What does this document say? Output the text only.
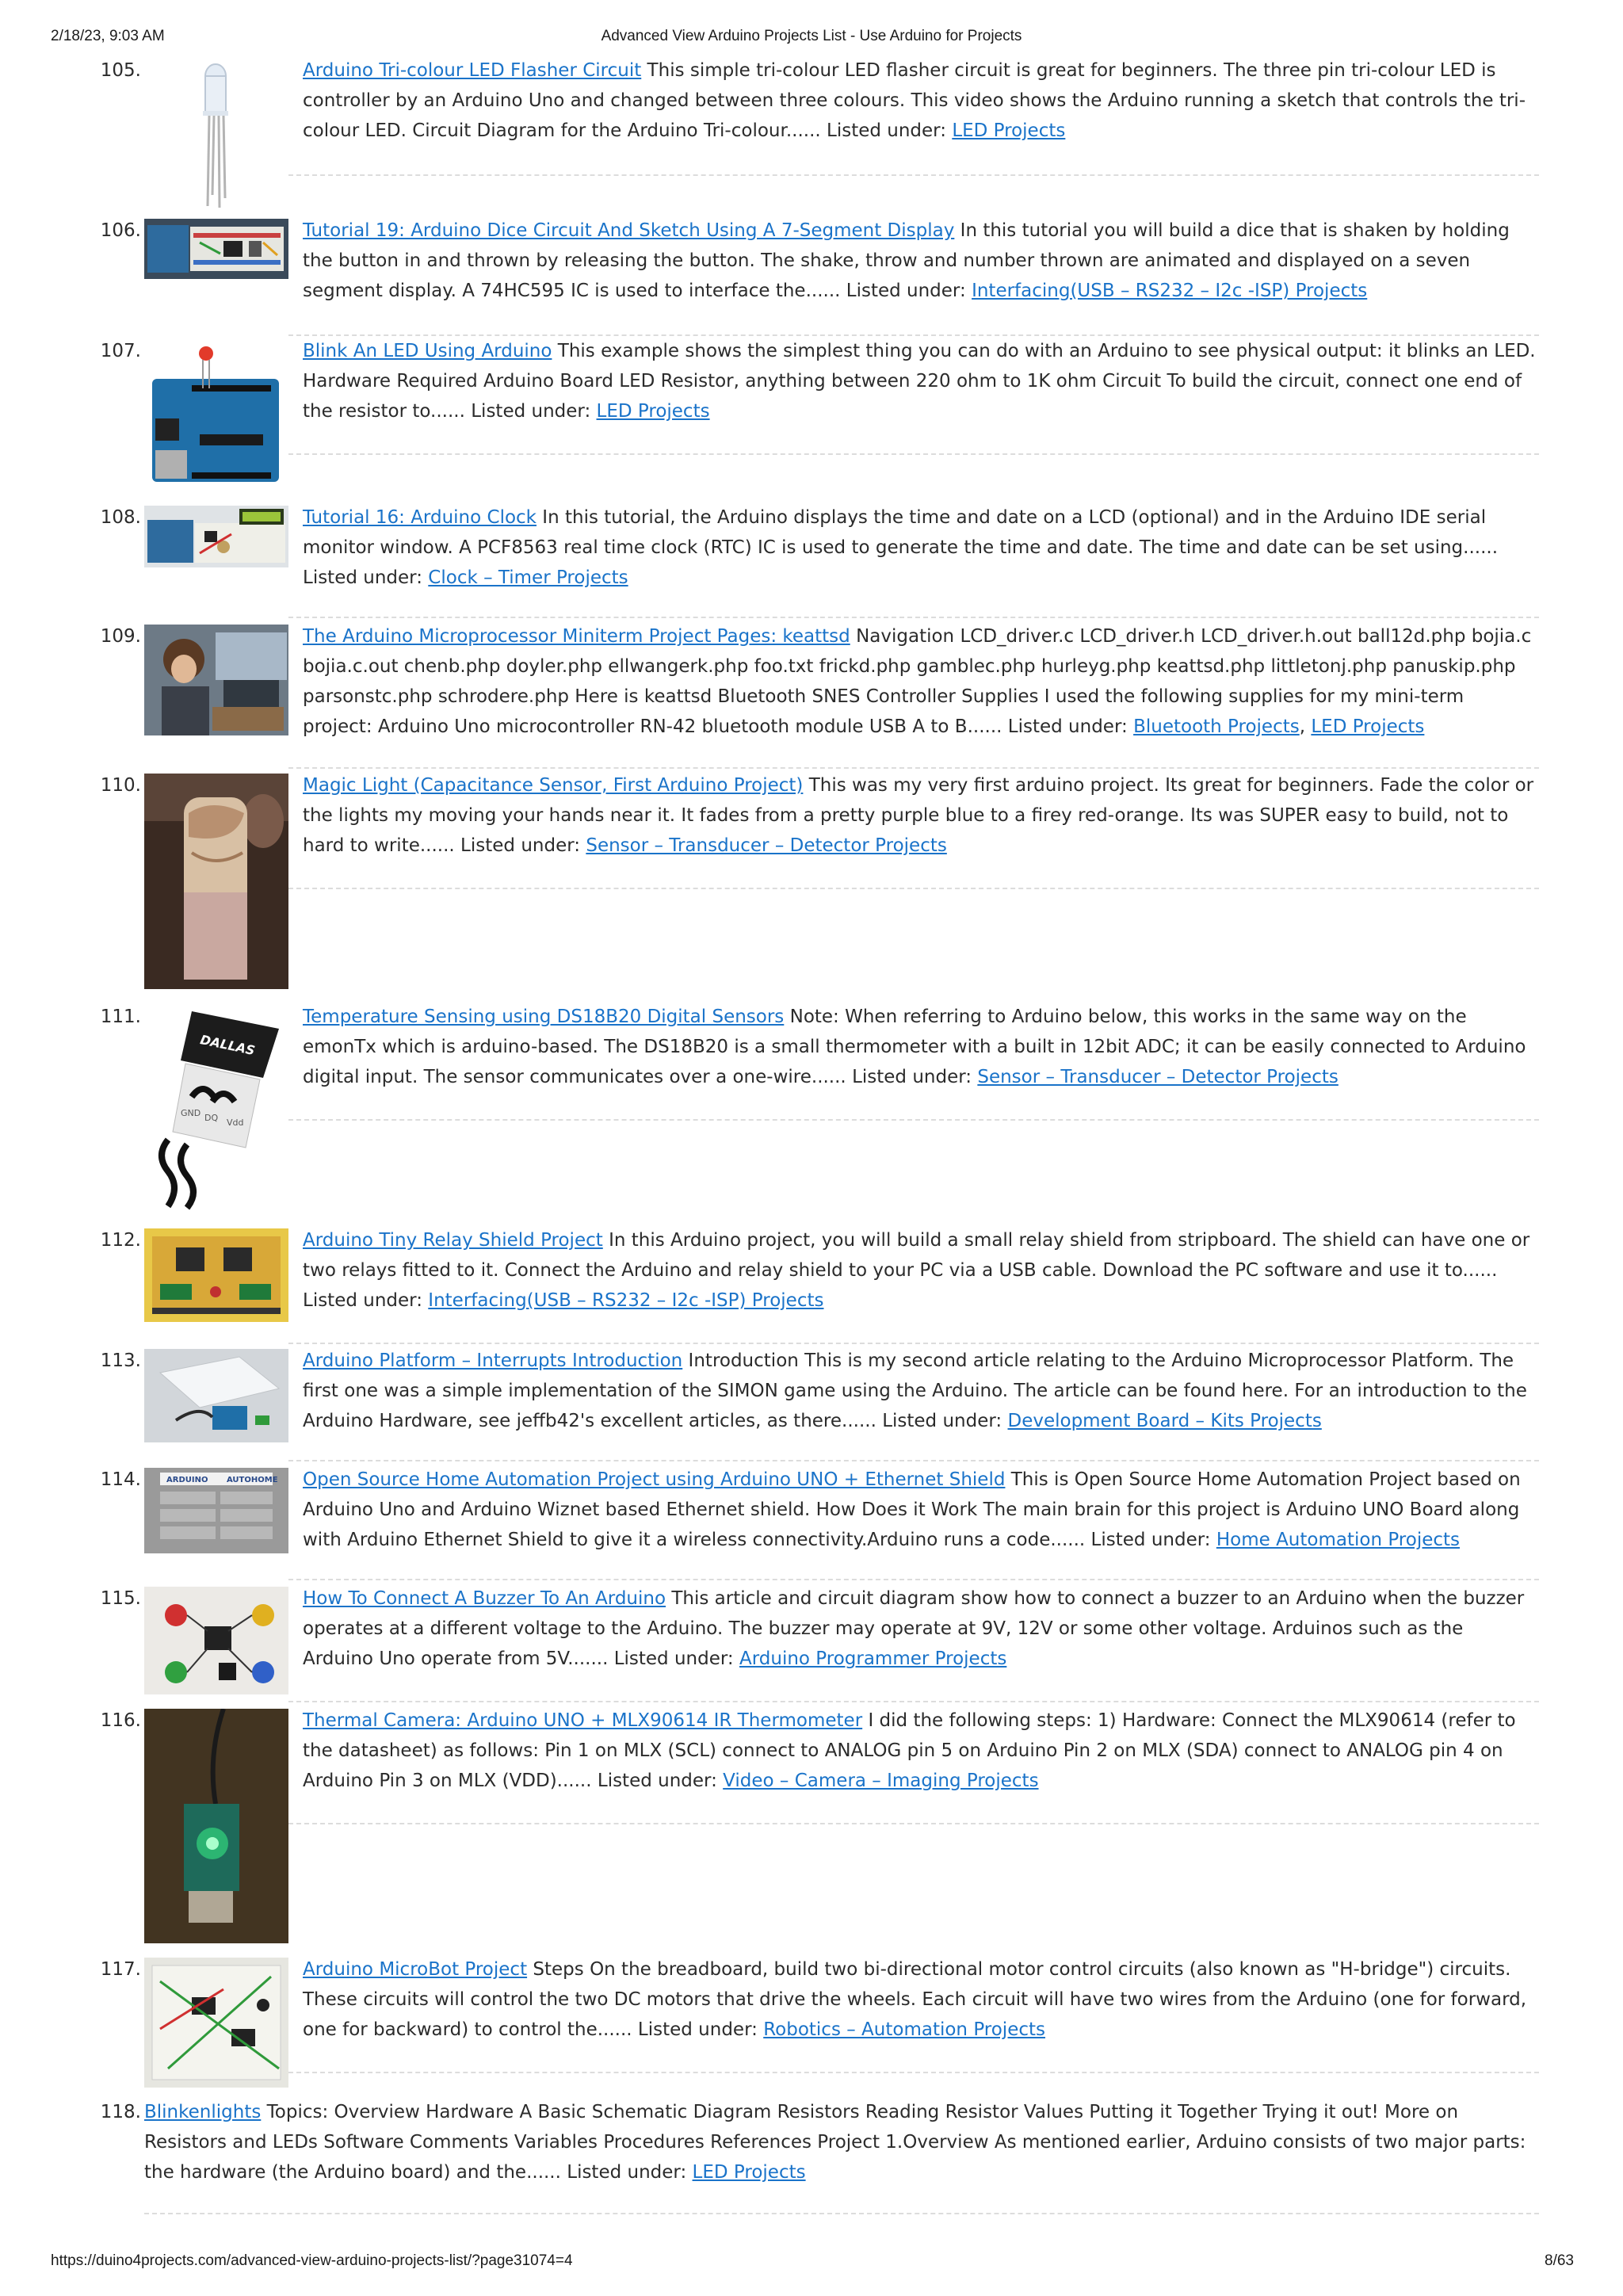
2/18/23, 9:03 AM	Advanced View Arduino Projects List - Use Arduino for Projects
105.	Arduino Tri-colour LED Flasher Circuit This simple tri-colour LED flasher circuit is great for beginners. The three pin tri-colour LED is controller by an Arduino Uno and changed between three colours. This video shows the Arduino running a sketch that controls the tri-colour LED. Circuit Diagram for the Arduino Tri-colour...... Listed under: LED Projects
106.	Tutorial 19: Arduino Dice Circuit And Sketch Using A 7-Segment Display In this tutorial you will build a dice that is shaken by holding the button in and thrown by releasing the button. The shake, throw and number thrown are animated and displayed on a seven segment display. A 74HC595 IC is used to interface the...... Listed under: Interfacing(USB – RS232 – I2c -ISP) Projects
107.	Blink An LED Using Arduino This example shows the simplest thing you can do with an Arduino to see physical output: it blinks an LED. Hardware Required Arduino Board LED Resistor, anything between 220 ohm to 1K ohm Circuit To build the circuit, connect one end of the resistor to...... Listed under: LED Projects
108.	Tutorial 16: Arduino Clock In this tutorial, the Arduino displays the time and date on a LCD (optional) and in the Arduino IDE serial monitor window. A PCF8563 real time clock (RTC) IC is used to generate the time and date. The time and date can be set using...... Listed under: Clock – Timer Projects
109.	The Arduino Microprocessor Miniterm Project Pages: keattsd Navigation LCD_driver.c LCD_driver.h LCD_driver.h.out ball12d.php bojia.c bojia.c.out chenb.php doyler.php ellwangerk.php foo.txt frickd.php gamblec.php hurleyg.php keattsd.php littletonj.php panuskip.php parsonstc.php schrodere.php Here is keattsd Bluetooth SNES Controller Supplies I used the following supplies for my mini-term project: Arduino Uno microcontroller RN-42 bluetooth module USB A to B...... Listed under: Bluetooth Projects, LED Projects
110.	Magic Light (Capacitance Sensor, First Arduino Project) This was my very first arduino project. Its great for beginners. Fade the color or the lights my moving your hands near it. It fades from a pretty purple blue to a firey red-orange. Its was SUPER easy to build, not to hard to write...... Listed under: Sensor – Transducer – Detector Projects
111.
DALLAS
GND DQ Vdd
Temperature Sensing using DS18B20 Digital Sensors Note: When referring to Arduino below, this works in the same way on the emonTx which is arduino-based. The DS18B20 is a small thermometer with a built in 12bit ADC; it can be easily connected to Arduino digital input. The sensor communicates over a one-wire...... Listed under: Sensor – Transducer – Detector Projects
112.	Arduino Tiny Relay Shield Project In this Arduino project, you will build a small relay shield from stripboard. The shield can have one or two relays fitted to it. Connect the Arduino and relay shield to your PC via a USB cable. Download the PC software and use it to...... Listed under: Interfacing(USB – RS232 – I2c -ISP) Projects
113.	Arduino Platform – Interrupts Introduction Introduction This is my second article relating to the Arduino Microprocessor Platform. The first one was a simple implementation of the SIMON game using the Arduino. The article can be found here. For an introduction to the Arduino Hardware, see jeffb42's excellent articles, as there...... Listed under: Development Board – Kits Projects
114.	ARDUINO AUTOHOME Open Source Home Automation Project using Arduino UNO + Ethernet Shield This is Open Source Home Automation Project based on Arduino Uno and Arduino Wiznet based Ethernet shield. How Does it Work The main brain for this project is Arduino UNO Board along with Arduino Ethernet Shield to give it a wireless connectivity.Arduino runs a code...... Listed under: Home Automation Projects
115.	How To Connect A Buzzer To An Arduino This article and circuit diagram show how to connect a buzzer to an Arduino when the buzzer operates at a different voltage to the Arduino. The buzzer may operate at 9V, 12V or some other voltage. Arduinos such as the Arduino Uno operate from 5V....... Listed under: Arduino Programmer Projects
116.	Thermal Camera: Arduino UNO + MLX90614 IR Thermometer I did the following steps: 1) Hardware: Connect the MLX90614 (refer to the datasheet) as follows: Pin 1 on MLX (SCL) connect to ANALOG pin 5 on Arduino Pin 2 on MLX (SDA) connect to ANALOG pin 4 on Arduino Pin 3 on MLX (VDD)...... Listed under: Video – Camera – Imaging Projects
117.	Arduino MicroBot Project Steps On the breadboard, build two bi-directional motor control circuits (also known as "H-bridge") circuits. These circuits will control the two DC motors that drive the wheels. Each circuit will have two wires from the Arduino (one for forward, one for backward) to control the...... Listed under: Robotics – Automation Projects
118. Blinkenlights Topics: Overview Hardware A Basic Schematic Diagram Resistors Reading Resistor Values Putting it Together Trying it out! More on Resistors and LEDs Software Comments Variables Procedures References Project 1.Overview As mentioned earlier, Arduino consists of two major parts: the hardware (the Arduino board) and the...... Listed under: LED Projects
https://duino4projects.com/advanced-view-arduino-projects-list/?page31074=4	8/63
